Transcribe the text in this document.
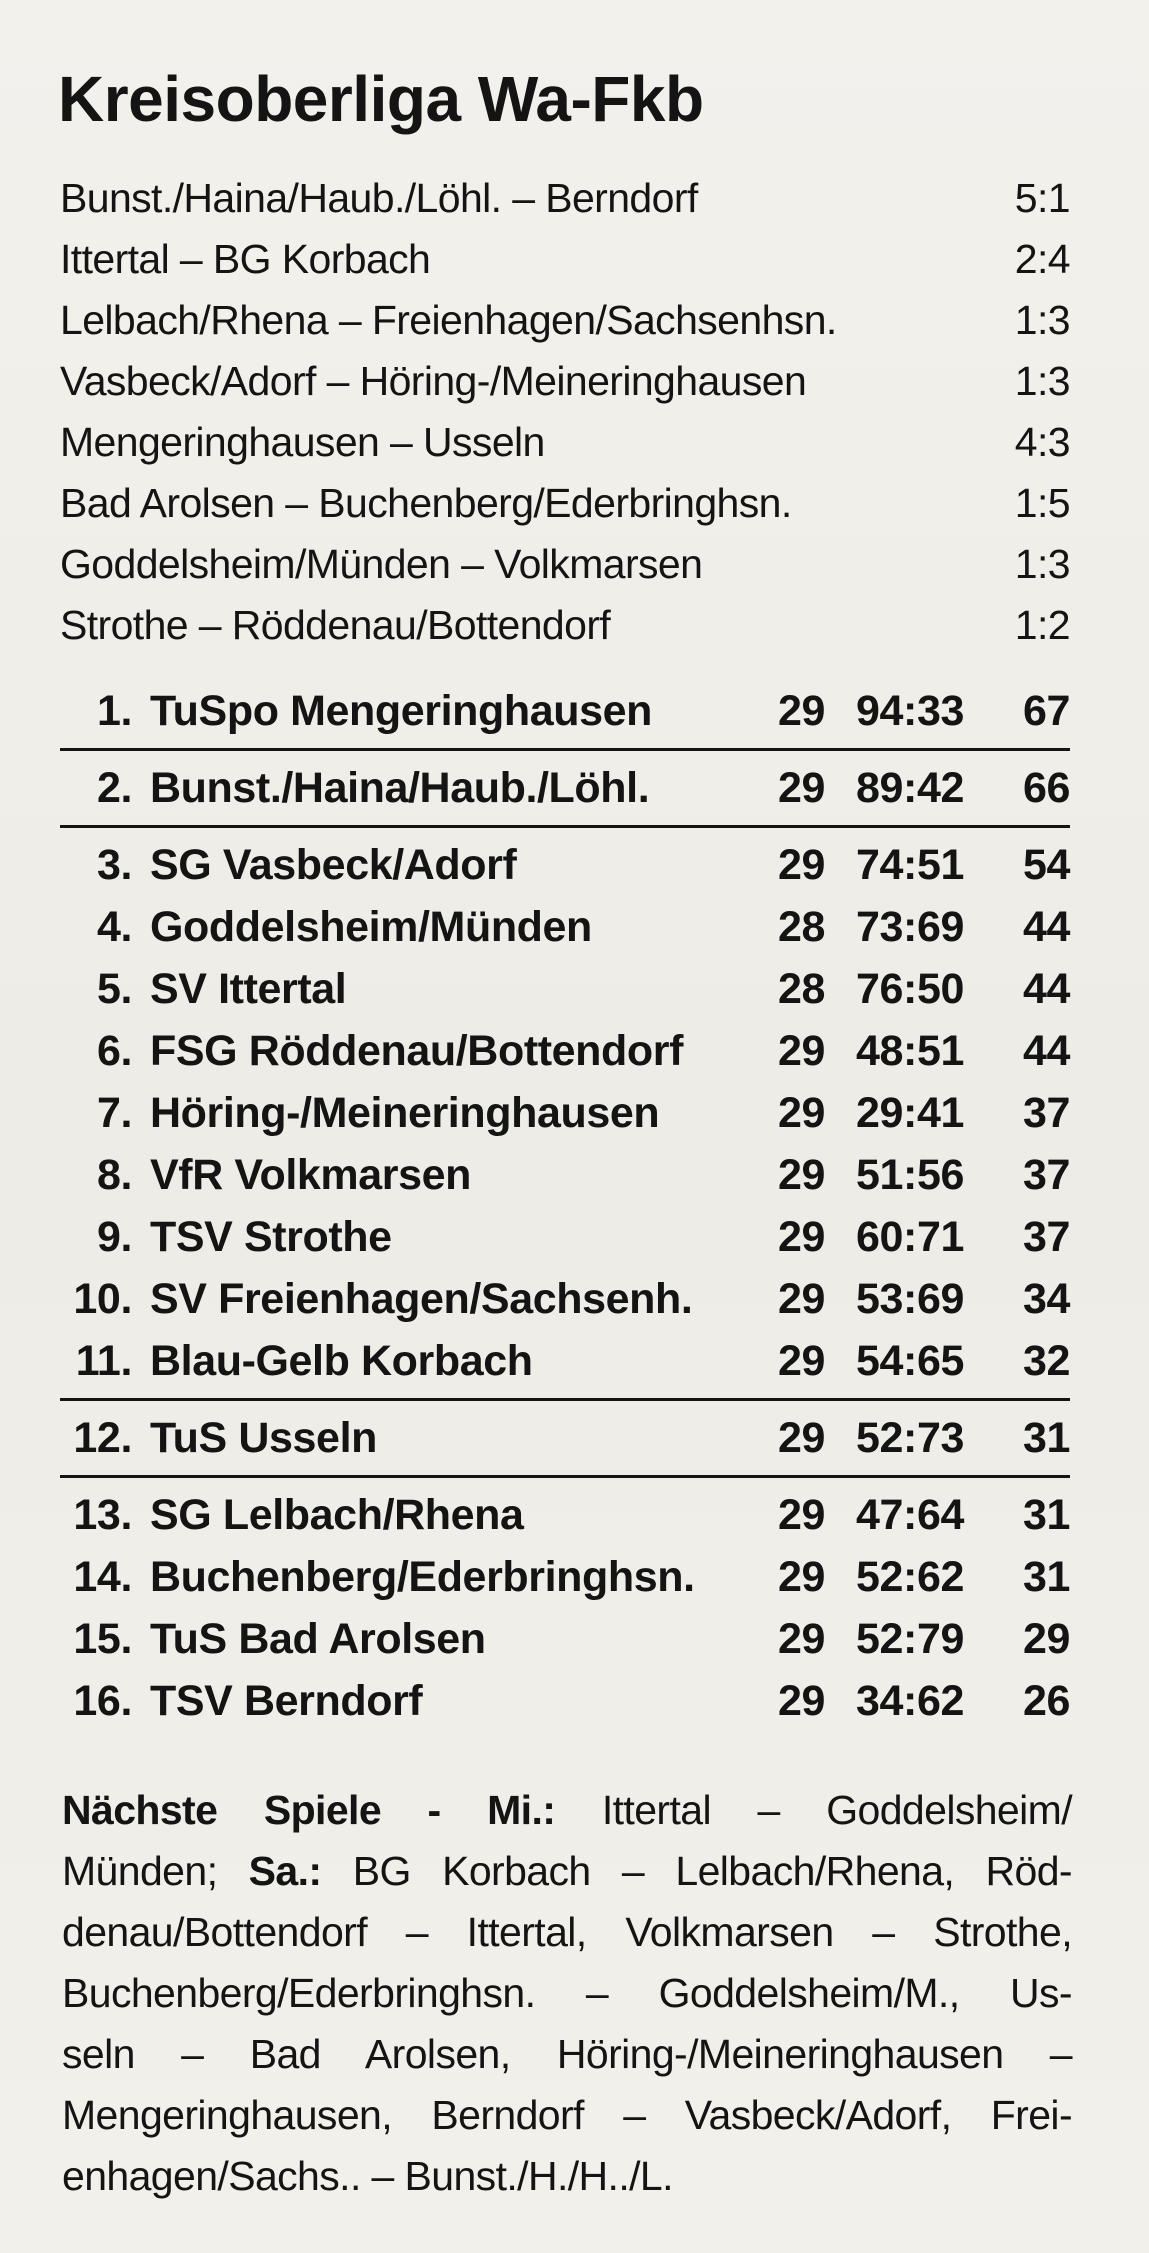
Kreisoberliga Wa-Fkb
Bunst./Haina/Haub./Löhl. – Berndorf	5:1
Ittertal – BG Korbach	2:4
Lelbach/Rhena – Freienhagen/Sachsenhsn.	1:3
Vasbeck/Adorf – Höring-/Meineringhausen	1:3
Mengeringhausen – Usseln	4:3
Bad Arolsen – Buchenberg/Ederbringhsn.	1:5
Goddelsheim/Münden – Volkmarsen	1:3
Strothe – Röddenau/Bottendorf	1:2
1. TuSpo Mengeringhausen	29 94:33 67
2. Bunst./Haina/Haub./Löhl.	29 89:42 66
3. SG Vasbeck/Adorf	29 74:51 54
4. Goddelsheim/Münden	28 73:69 44
5. SV Ittertal	28 76:50 44
6. FSG Röddenau/Bottendorf 29 48:51 44
7. Höring-/Meineringhausen	29 29:41 37
8. VfR Volkmarsen	29 51:56 37
9. TSV Strothe	29 60:71 37
10. SV Freienhagen/Sachsenh. 29 53:69 34
11. Blau-Gelb Korbach	29 54:65 32
12. TuS Usseln	29 52:73 31
13. SG Lelbach/Rhena	29 47:64 31
14. Buchenberg/Ederbringhsn. 29 52:62 31
15. TuS Bad Arolsen	29 52:79 29
16. TSV Berndorf	29 34:62 26
Nächste Spiele - Mi.: Ittertal – Goddelsheim/
Münden; Sa.: BG Korbach – Lelbach/Rhena, Röd-
denau/Bottendorf – Ittertal, Volkmarsen – Strothe,
Buchenberg/Ederbringhsn. – Goddelsheim/M., Us-
seln – Bad Arolsen, Höring-/Meineringhausen –
Mengeringhausen, Berndorf – Vasbeck/Adorf, Frei-
enhagen/Sachs.. – Bunst./H./H../L.
